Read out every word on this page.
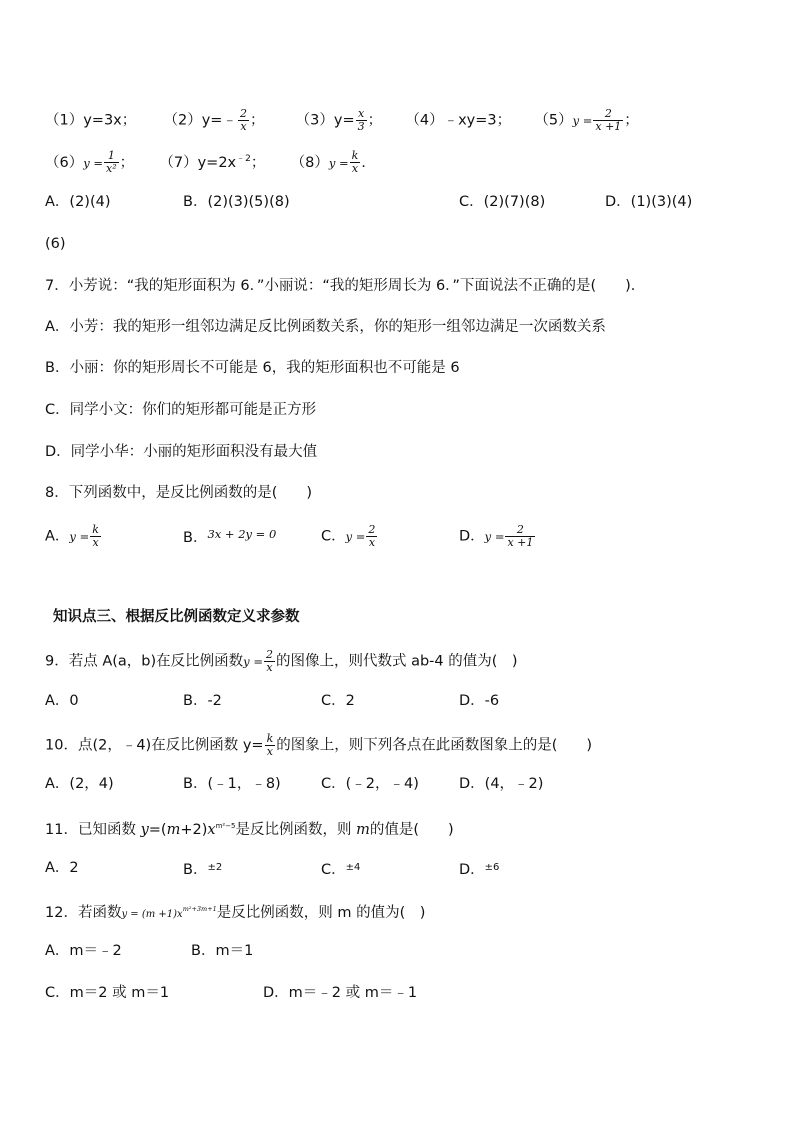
（1）y=3x； （2）y=﹣ $\frac{2}{x}$ ； $(3)y= \frac{x}{3}$ ； （4）﹣xy=3； $(5)y = \frac{2}{x +1}$ ；
$(6)y = \frac{1}{\text{x²}}$ ； $(7)y=2x^{﹣2}$； $(8)y = \frac{k}{x}$ .
A．(2)(4)	B．(2)(3)(5)(8)	C．(2)(7)(8)	D．(1)(3)(4)
(6)
7．小芳说：“我的矩形面积为 6．”小丽说：“我的矩形周长为 6．”下面说法不正确的是(　　)．
A．小芳：我的矩形一组邻边满足反比例函数关系，你的矩形一组邻边满足一次函数关系
B．小丽：你的矩形周长不可能是 6，我的矩形面积也不可能是 6
C．同学小文：你们的矩形都可能是正方形
D．同学小华：小丽的矩形面积没有最大值
8．下列函数中，是反比例函数的是(　　)
A．$y = \frac{k}{x}$	B．$^{3x + 2y = 0}$	C．$y = \frac{2}{x}$	D．$y = \frac{2}{x +1}$
知识点三、根据反比例函数定义求参数
9．若点 A(a，b)在反比例函数$y = \frac{2}{x}$ 的图像上，则代数式 ab-4 的值为(　)
A．0	B．-2	C．2	D．-6
10．点(2，﹣4)在反比例函数 $y= \frac{k}{x}$ 的图象上，则下列各点在此函数图象上的是(　　)
A．(2，4)	B．(﹣1，﹣8)	C．(﹣2，﹣4)	D．(4，﹣2)
11．已知函数 $y=(m+2)x^{m^2-5}$是反比例函数，则 m的值是(　　)
A．2	B．$^{\pm 2}$	C．$^{\pm 4}$	D．$^{\pm 6}$
12．若函数$y = (m +1)x^{m^2+3m+1}$是反比例函数，则 m 的值为(　)
A．m＝﹣2	B．m＝1
C．m＝2 或 m＝1	D．m＝﹣2 或 m＝﹣1
